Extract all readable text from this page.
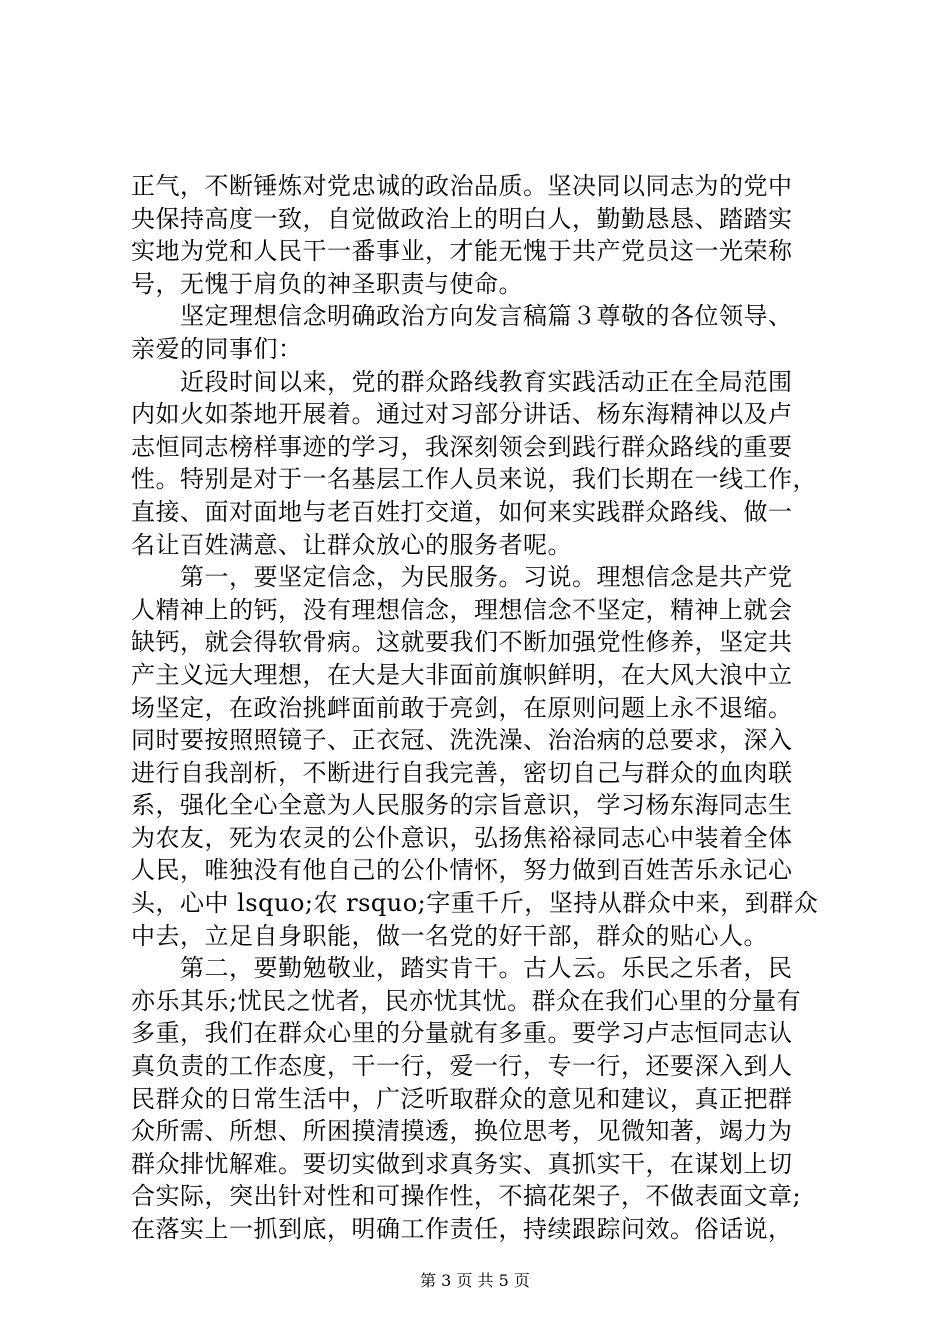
正气，不断锤炼对党忠诚的政治品质。坚决同以同志为的党中
央保持高度一致，自觉做政治上的明白人，勤勤恳恳、踏踏实
实地为党和人民干一番事业，才能无愧于共产党员这一光荣称
号，无愧于肩负的神圣职责与使命。

　　坚定理想信念明确政治方向发言稿篇３尊敬的各位领导、
亲爱的同事们：

　　近段时间以来，党的群众路线教育实践活动正在全局范围
内如火如荼地开展着。通过对习部分讲话、杨东海精神以及卢
志恒同志榜样事迹的学习，我深刻领会到践行群众路线的重要
性。特别是对于一名基层工作人员来说，我们长期在一线工作，
直接、面对面地与老百姓打交道，如何来实践群众路线、做一
名让百姓满意、让群众放心的服务者呢。

　　第一，要坚定信念，为民服务。习说。理想信念是共产党
人精神上的钙，没有理想信念，理想信念不坚定，精神上就会
缺钙，就会得软骨病。这就要我们不断加强党性修养，坚定共
产主义远大理想，在大是大非面前旗帜鲜明，在大风大浪中立
场坚定，在政治挑衅面前敢于亮剑，在原则问题上永不退缩。
同时要按照照镜子、正衣冠、洗洗澡、治治病的总要求，深入
进行自我剖析，不断进行自我完善，密切自己与群众的血肉联
系，强化全心全意为人民服务的宗旨意识，学习杨东海同志生
为农友，死为农灵的公仆意识，弘扬焦裕禄同志心中装着全体
人民，唯独没有他自己的公仆情怀，努力做到百姓苦乐永记心
头，心中 lsquo;农 rsquo;字重千斤，坚持从群众中来，到群众
中去，立足自身职能，做一名党的好干部，群众的贴心人。

　　第二，要勤勉敬业，踏实肯干。古人云。乐民之乐者，民
亦乐其乐;忧民之忧者，民亦忧其忧。群众在我们心里的分量有
多重，我们在群众心里的分量就有多重。要学习卢志恒同志认
真负责的工作态度，干一行，爱一行，专一行，还要深入到人
民群众的日常生活中，广泛听取群众的意见和建议，真正把群
众所需、所想、所困摸清摸透，换位思考，见微知著，竭力为
群众排忧解难。要切实做到求真务实、真抓实干，在谋划上切
合实际，突出针对性和可操作性，不搞花架子，不做表面文章;
在落实上一抓到底，明确工作责任，持续跟踪问效。俗话说，

第 3 页 共 5 页
